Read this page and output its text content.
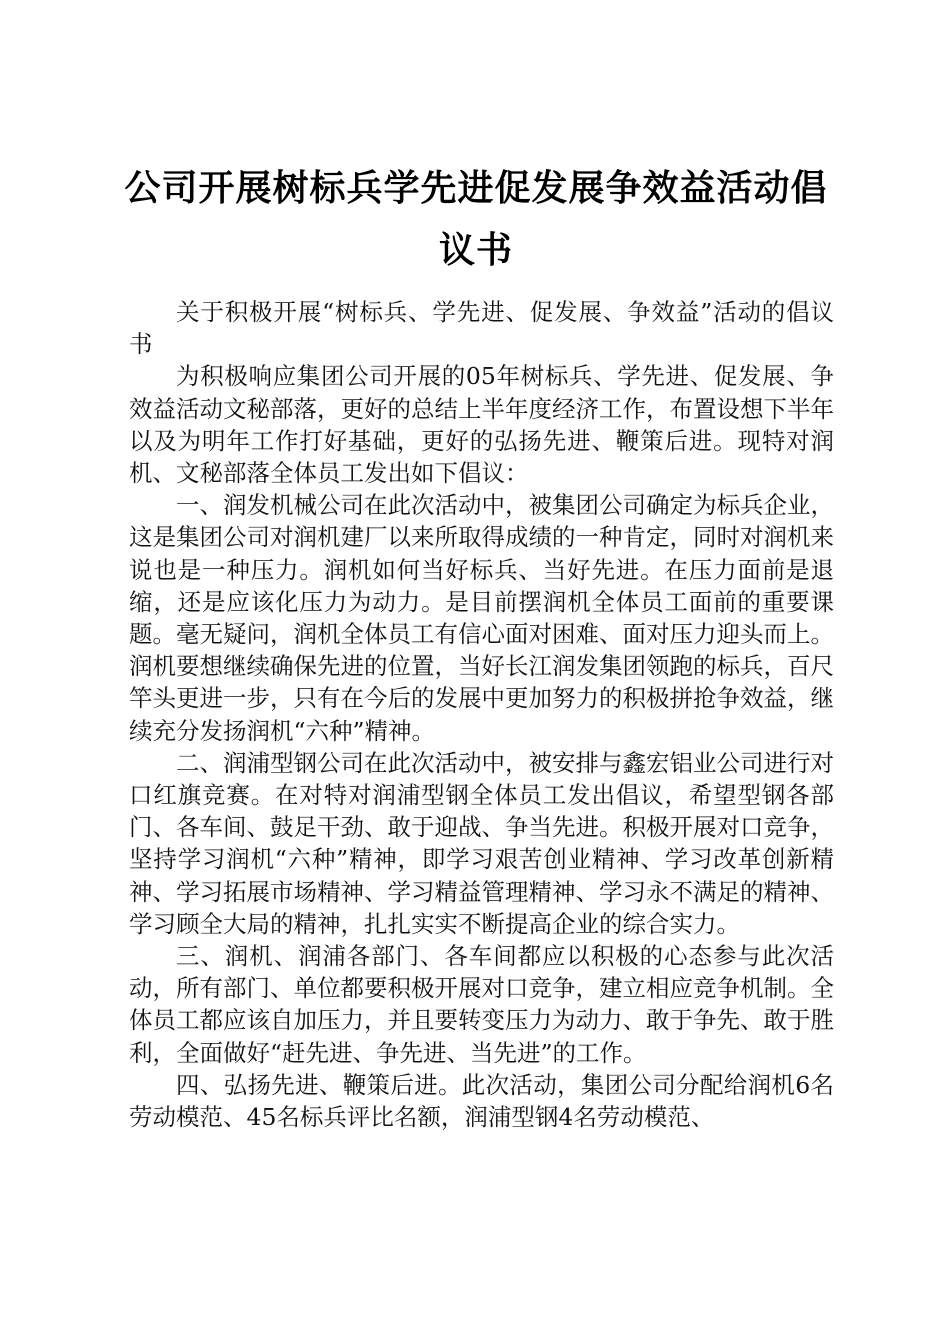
公司开展树标兵学先进促发展争效益活动倡议书

关于积极开展“树标兵、学先进、促发展、争效益”活动的倡议书

为积极响应集团公司开展的05年树标兵、学先进、促发展、争效益活动文秘部落，更好的总结上半年度经济工作，布置设想下半年以及为明年工作打好基础，更好的弘扬先进、鞭策后进。现特对润机、文秘部落全体员工发出如下倡议：

一、润发机械公司在此次活动中，被集团公司确定为标兵企业，这是集团公司对润机建厂以来所取得成绩的一种肯定，同时对润机来说也是一种压力。润机如何当好标兵、当好先进。在压力面前是退缩，还是应该化压力为动力。是目前摆润机全体员工面前的重要课题。毫无疑问，润机全体员工有信心面对困难、面对压力迎头而上。润机要想继续确保先进的位置，当好长江润发集团领跑的标兵，百尺竿头更进一步，只有在今后的发展中更加努力的积极拼抢争效益，继续充分发扬润机“六种”精神。

二、润浦型钢公司在此次活动中，被安排与鑫宏铝业公司进行对口红旗竞赛。在对特对润浦型钢全体员工发出倡议，希望型钢各部门、各车间、鼓足干劲、敢于迎战、争当先进。积极开展对口竞争，坚持学习润机“六种”精神，即学习艰苦创业精神、学习改革创新精神、学习拓展市场精神、学习精益管理精神、学习永不满足的精神、学习顾全大局的精神，扎扎实实不断提高企业的综合实力。

三、润机、润浦各部门、各车间都应以积极的心态参与此次活动，所有部门、单位都要积极开展对口竞争，建立相应竞争机制。全体员工都应该自加压力，并且要转变压力为动力、敢于争先、敢于胜利，全面做好“赶先进、争先进、当先进”的工作。

四、弘扬先进、鞭策后进。此次活动，集团公司分配给润机6名劳动模范、45名标兵评比名额，润浦型钢4名劳动模范、
